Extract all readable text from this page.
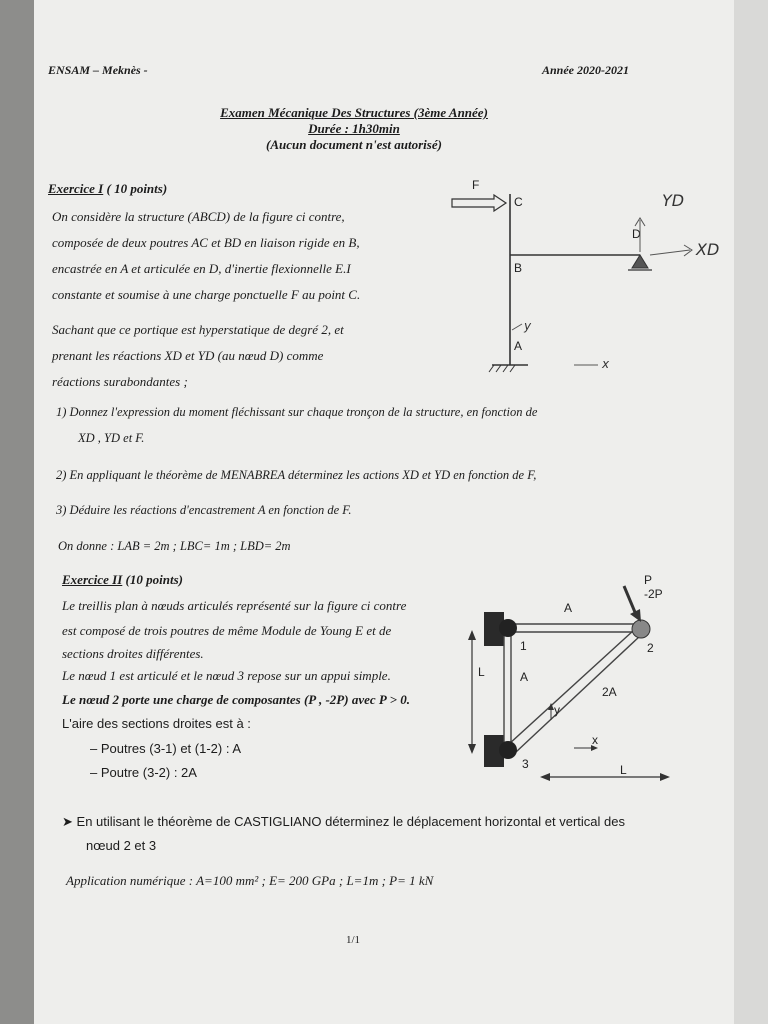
ENSAM – Meknès -	Année 2020-2021
Examen Mécanique Des Structures (3ème Année)
Durée : 1h30min
(Aucun document n'est autorisé)
Exercice I ( 10 points)
On considère la structure (ABCD) de la figure ci contre,
composée de deux poutres AC et BD en liaison rigide en B,
encastrée en A et articulée en D, d'inertie flexionnelle E.I
constante et soumise à une charge ponctuelle F au point C.
Sachant que ce portique est hyperstatique de degré 2, et
prenant les réactions XD et YD (au nœud D) comme
réactions surabondantes ;
1) Donnez l'expression du moment fléchissant sur chaque tronçon de la structure, en fonction de
XD , YD et F.
2) En appliquant le théorème de MENABREA déterminez les actions XD et YD en fonction de F,
3) Déduire les réactions d'encastrement A en fonction de F.
On donne : LAB = 2m ; LBC= 1m ; LBD= 2m
F
C
B
A
D
YD
XD
y
x
Exercice II (10 points)
Le treillis plan à nœuds articulés représenté sur la figure ci contre
est composé de trois poutres de même Module de Young E et de
sections droites différentes.
Le nœud 1 est articulé et le nœud 3 repose sur un appui simple.
Le nœud 2 porte une charge de composantes (P , -2P) avec P > 0.
L'aire des sections droites est à :
– Poutres (3-1) et (1-2) : A
– Poutre (3-2) : 2A
P
-2P
A
A
2A
1	2
3
L
L
y
x
➤ En utilisant le théorème de CASTIGLIANO déterminez le déplacement horizontal et vertical des
nœud 2 et 3
Application numérique : A=100 mm² ; E= 200 GPa ; L=1m ; P= 1 kN
1/1
